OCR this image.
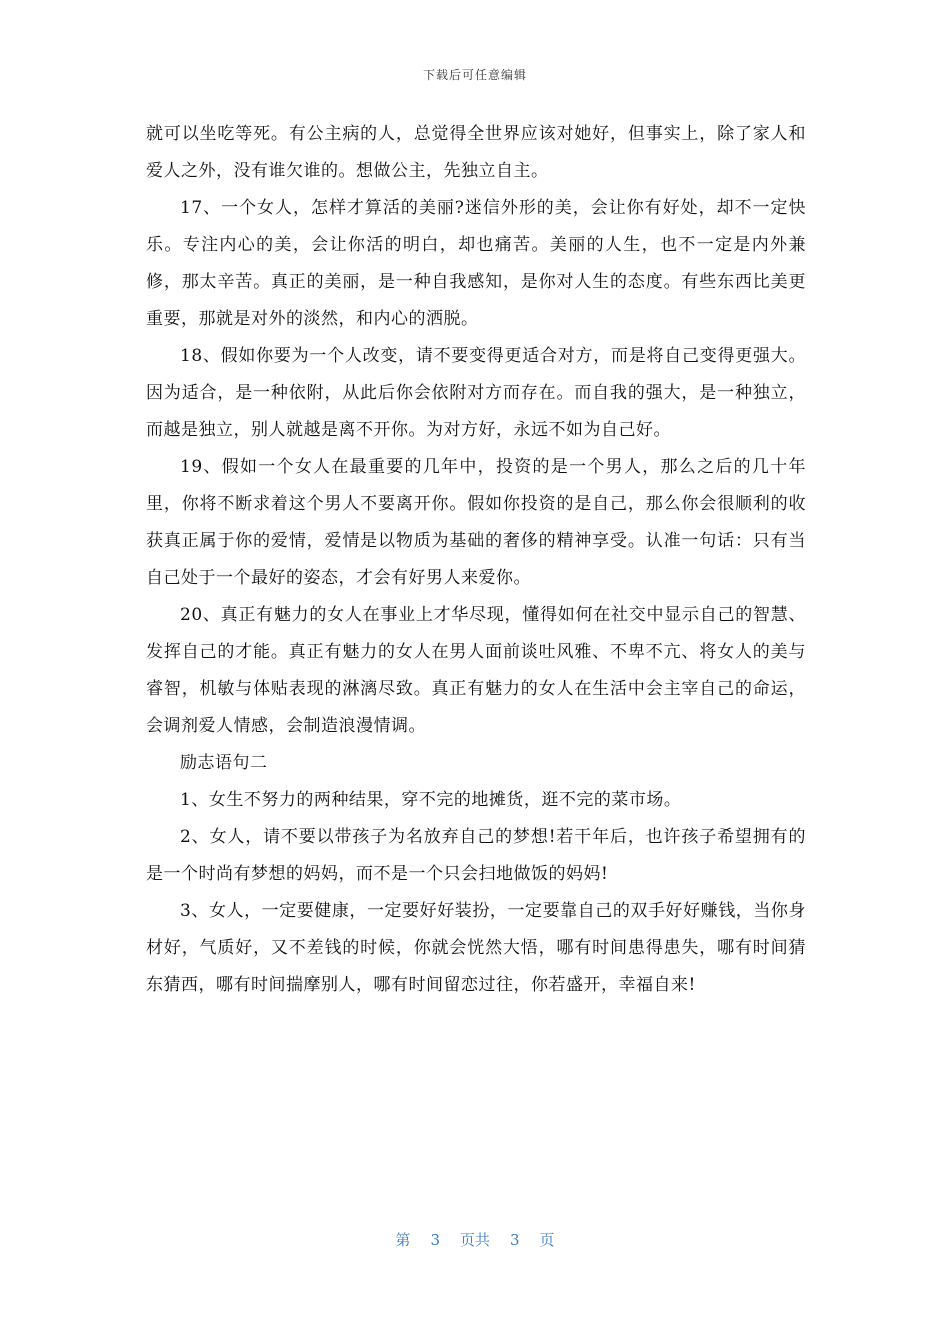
下载后可任意编辑

就可以坐吃等死。有公主病的人，总觉得全世界应该对她好，但事实上，除了家人和爱人之外，没有谁欠谁的。想做公主，先独立自主。

17、一个女人，怎样才算活的美丽?迷信外形的美，会让你有好处，却不一定快乐。专注内心的美，会让你活的明白，却也痛苦。美丽的人生，也不一定是内外兼修，那太辛苦。真正的美丽，是一种自我感知，是你对人生的态度。有些东西比美更重要，那就是对外的淡然，和内心的洒脱。

18、假如你要为一个人改变，请不要变得更适合对方，而是将自己变得更强大。因为适合，是一种依附，从此后你会依附对方而存在。而自我的强大，是一种独立，而越是独立，别人就越是离不开你。为对方好，永远不如为自己好。

19、假如一个女人在最重要的几年中，投资的是一个男人，那么之后的几十年里，你将不断求着这个男人不要离开你。假如你投资的是自己，那么你会很顺利的收获真正属于你的爱情，爱情是以物质为基础的奢侈的精神享受。认准一句话：只有当自己处于一个最好的姿态，才会有好男人来爱你。

20、真正有魅力的女人在事业上才华尽现，懂得如何在社交中显示自己的智慧、发挥自己的才能。真正有魅力的女人在男人面前谈吐风雅、不卑不亢、将女人的美与睿智，机敏与体贴表现的淋漓尽致。真正有魅力的女人在生活中会主宰自己的命运，会调剂爱人情感，会制造浪漫情调。

励志语句二

1、女生不努力的两种结果，穿不完的地摊货，逛不完的菜市场。

2、女人，请不要以带孩子为名放弃自己的梦想!若干年后，也许孩子希望拥有的是一个时尚有梦想的妈妈，而不是一个只会扫地做饭的妈妈!

3、女人，一定要健康，一定要好好装扮，一定要靠自己的双手好好赚钱，当你身材好，气质好，又不差钱的时候，你就会恍然大悟，哪有时间患得患失，哪有时间猜东猜西，哪有时间揣摩别人，哪有时间留恋过往，你若盛开，幸福自来!

第 3 页共 3 页
